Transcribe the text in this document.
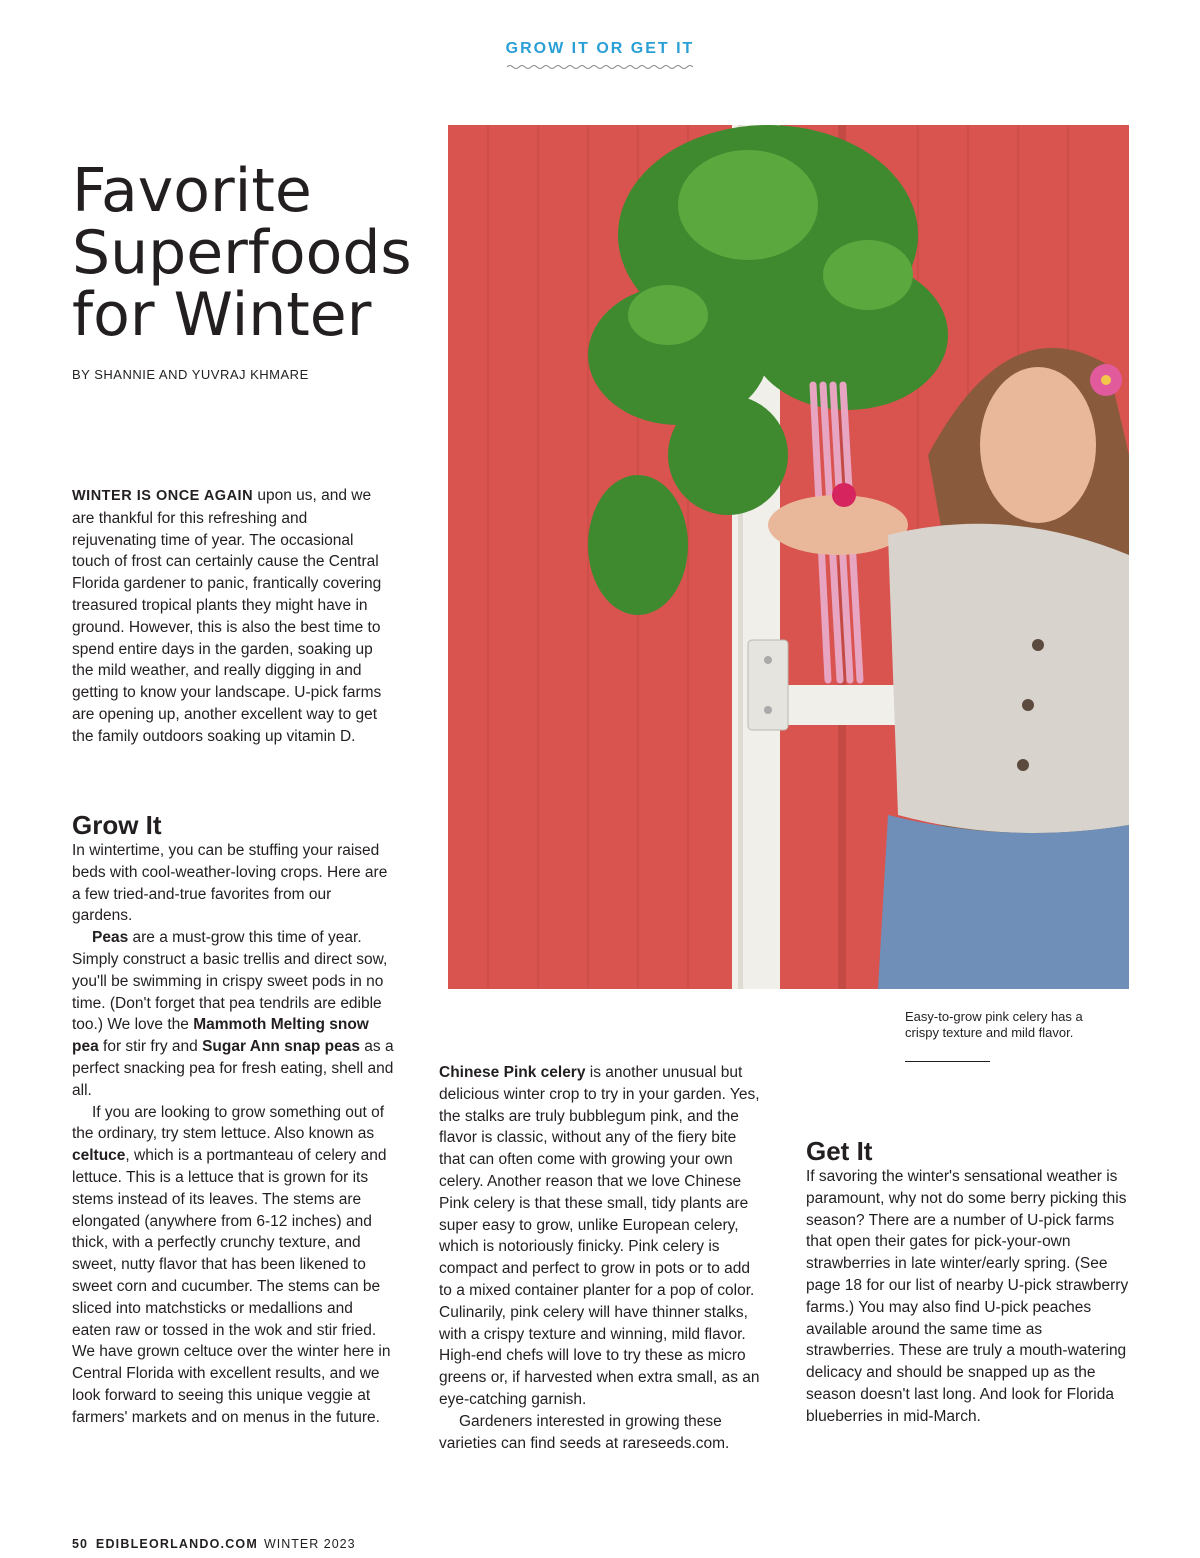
GROW IT OR GET IT
Favorite
Superfoods
for Winter
BY SHANNIE AND YUVRAJ KHMARE

WINTER IS ONCE AGAIN upon us, and we are thankful for this refreshing and rejuvenating time of year. The occasional touch of frost can certainly cause the Central Florida gardener to panic, frantically covering treasured tropical plants they might have in ground. However, this is also the best time to spend entire days in the garden, soaking up the mild weather, and really digging in and getting to know your landscape. U-pick farms are opening up, another excellent way to get the family outdoors soaking up vitamin D.

Grow It

In wintertime, you can be stuffing your raised beds with cool-weather-loving crops. Here are a few tried-and-true favorites from our gardens.

Peas are a must-grow this time of year. Simply construct a basic trellis and direct sow, you'll be swimming in crispy sweet pods in no time. (Don't forget that pea tendrils are edible too.) We love the Mammoth Melting snow pea for stir fry and Sugar Ann snap peas as a perfect snacking pea for fresh eating, shell and all.

If you are looking to grow something out of the ordinary, try stem lettuce. Also known as celtuce, which is a portmanteau of celery and lettuce. This is a lettuce that is grown for its stems instead of its leaves. The stems are elongated (anywhere from 6-12 inches) and thick, with a perfectly crunchy texture, and sweet, nutty flavor that has been likened to sweet corn and cucumber. The stems can be sliced into matchsticks or medallions and eaten raw or tossed in the wok and stir fried. We have grown celtuce over the winter here in Central Florida with excellent results, and we look forward to seeing this unique veggie at farmers' markets and on menus in the future.

Easy-to-grow pink celery has a crispy texture and mild flavor.

Chinese Pink celery is another unusual but delicious winter crop to try in your garden. Yes, the stalks are truly bubblegum pink, and the flavor is classic, without any of the fiery bite that can often come with growing your own celery. Another reason that we love Chinese Pink celery is that these small, tidy plants are super easy to grow, unlike European celery, which is notoriously finicky. Pink celery is compact and perfect to grow in pots or to add to a mixed container planter for a pop of color. Culinarily, pink celery will have thinner stalks, with a crispy texture and winning, mild flavor. High-end chefs will love to try these as micro greens or, if harvested when extra small, as an eye-catching garnish.

Gardeners interested in growing these varieties can find seeds at rareseeds.com.

Get It

If savoring the winter's sensational weather is paramount, why not do some berry picking this season? There are a number of U-pick farms that open their gates for pick-your-own strawberries in late winter/early spring. (See page 18 for our list of nearby U-pick strawberry farms.) You may also find U-pick peaches available around the same time as strawberries. These are truly a mouth-watering delicacy and should be snapped up as the season doesn't last long. And look for Florida blueberries in mid-March.

50 EDIBLEORLANDO.COM WINTER 2023
